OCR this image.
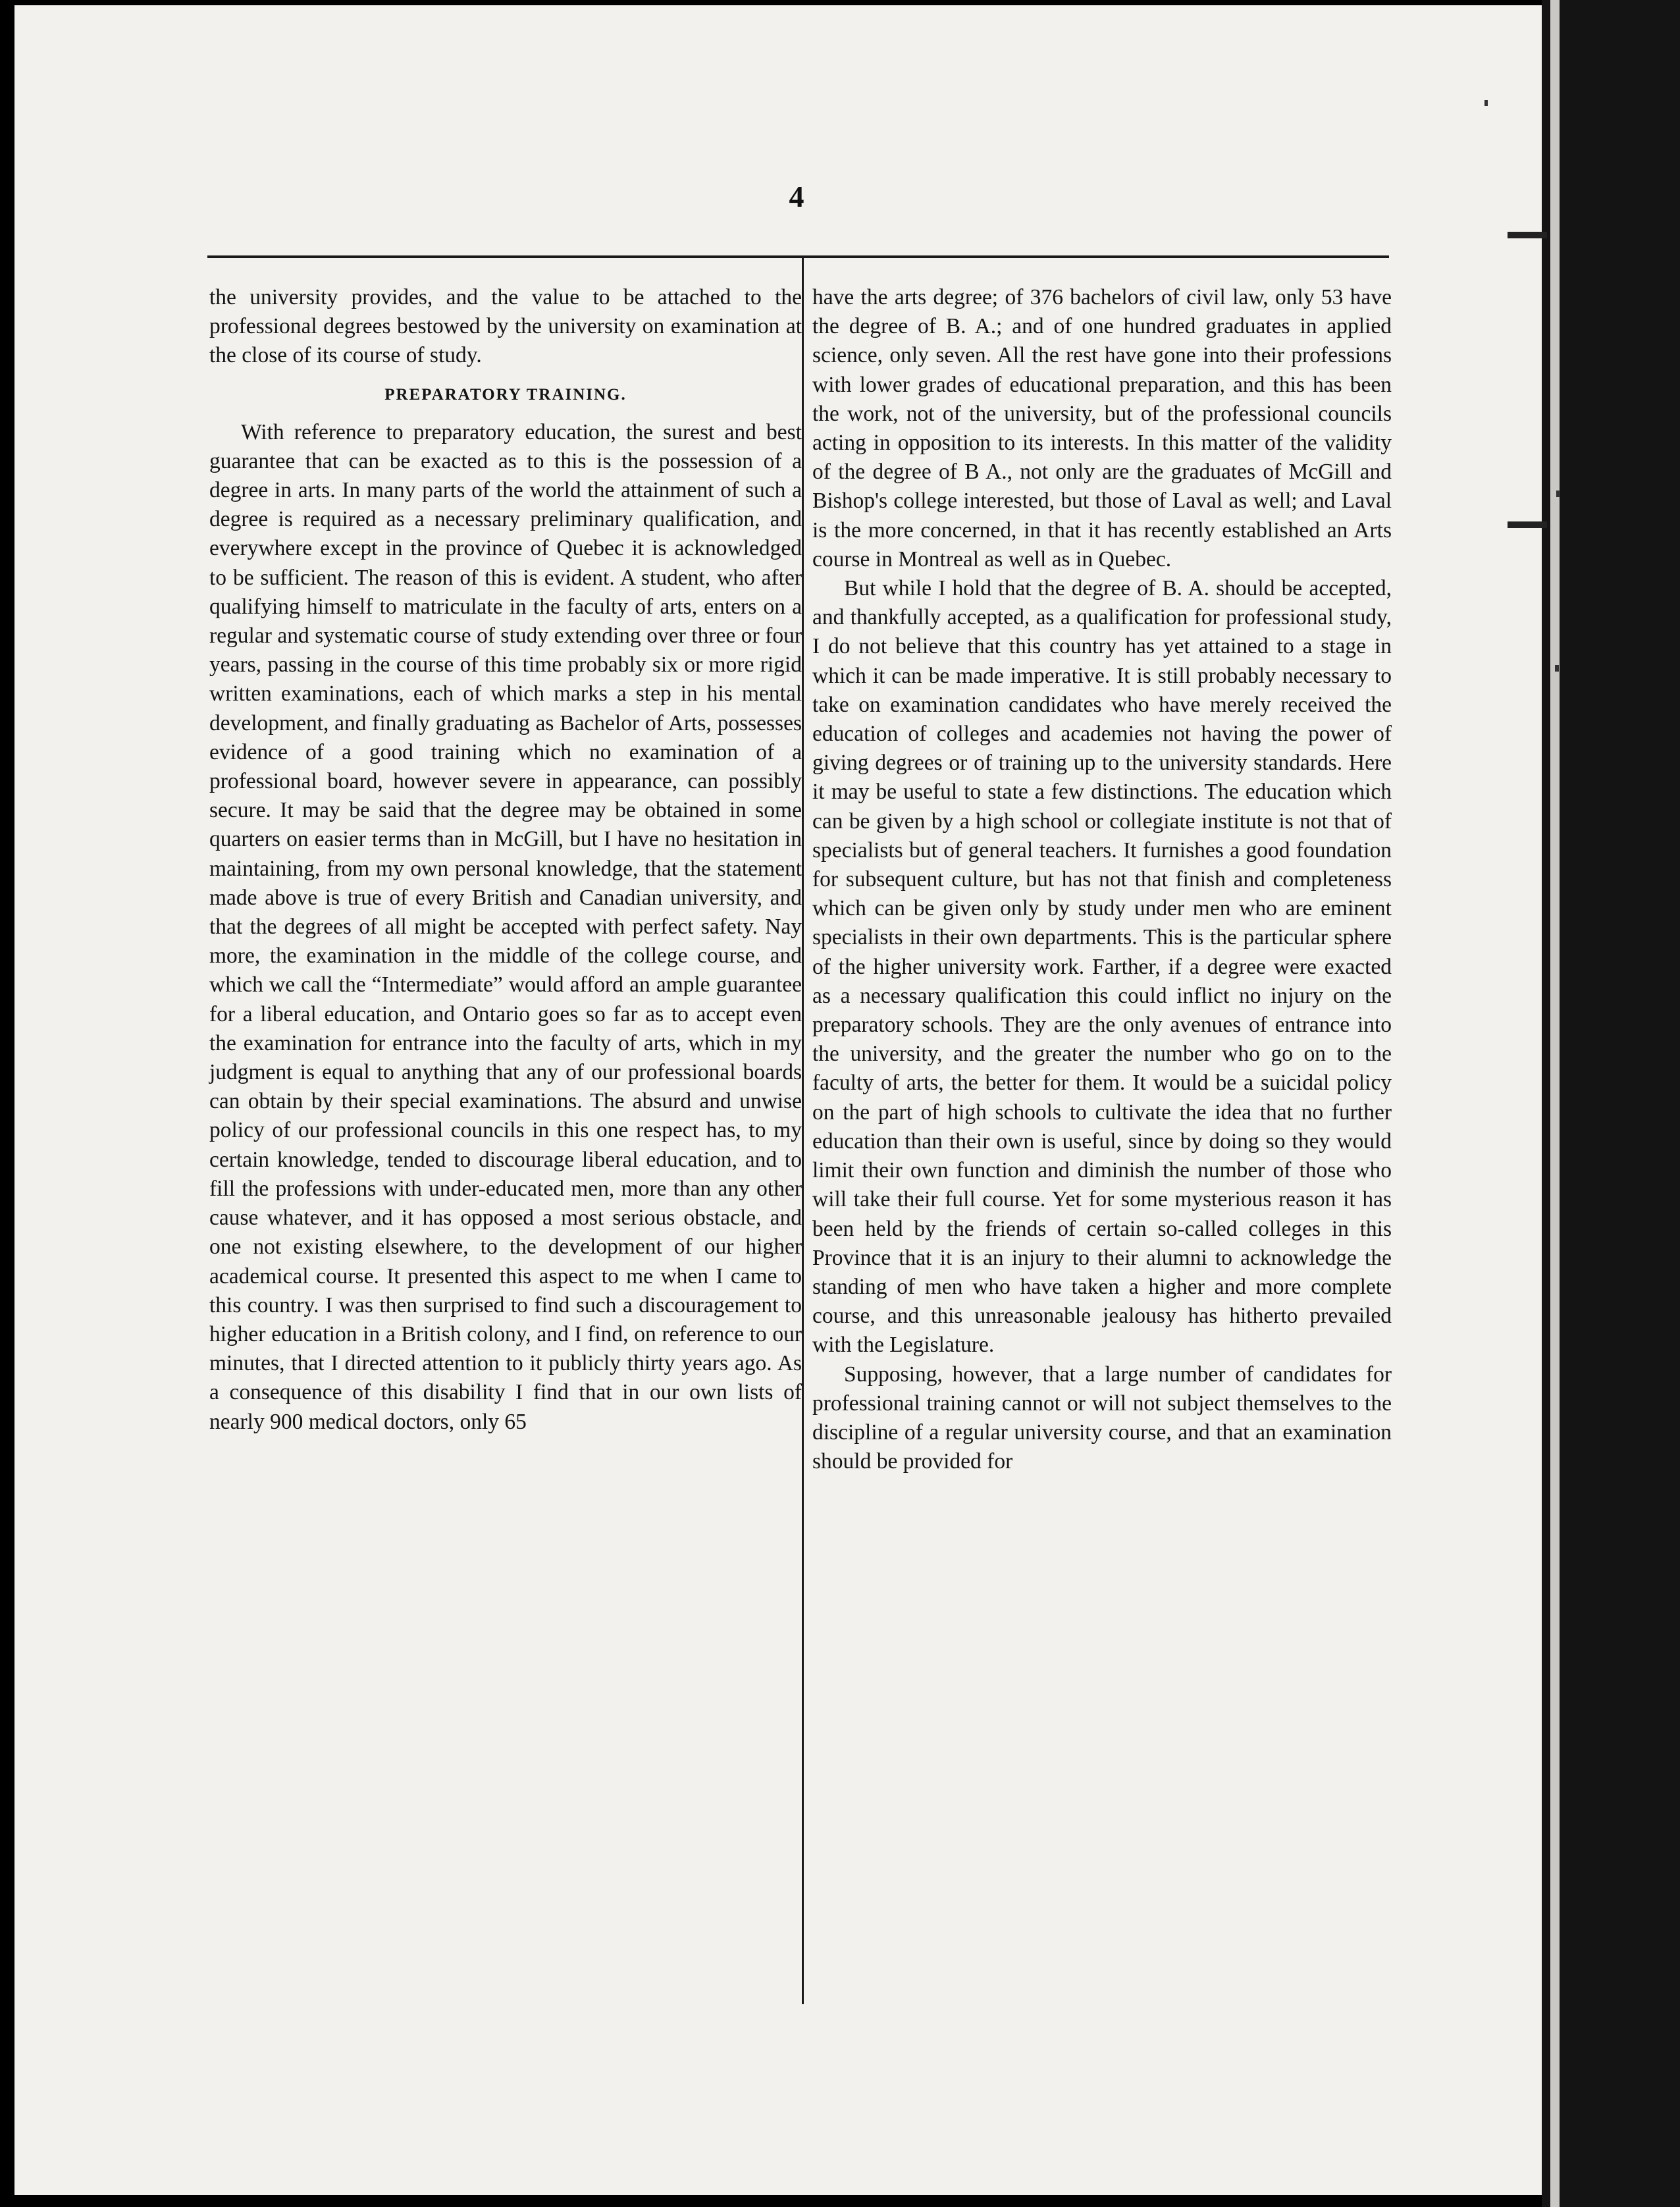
4

the university provides, and the value to be attached to the professional degrees bestowed by the university on examination at the close of its course of study.

PREPARATORY TRAINING.

With reference to preparatory education, the surest and best guarantee that can be exacted as to this is the possession of a degree in arts. In many parts of the world the attainment of such a degree is required as a necessary preliminary qualification, and everywhere except in the province of Quebec it is acknowledged to be sufficient. The reason of this is evident. A student, who after qualifying himself to matriculate in the faculty of arts, enters on a regular and systematic course of study extending over three or four years, passing in the course of this time probably six or more rigid written examinations, each of which marks a step in his mental development, and finally graduating as Bachelor of Arts, possesses evidence of a good training which no examination of a professional board, however severe in appearance, can possibly secure. It may be said that the degree may be obtained in some quarters on easier terms than in McGill, but I have no hesitation in maintaining, from my own personal knowledge, that the statement made above is true of every British and Canadian university, and that the degrees of all might be accepted with perfect safety. Nay more, the examination in the middle of the college course, and which we call the “Intermediate” would afford an ample guarantee for a liberal education, and Ontario goes so far as to accept even the examination for entrance into the faculty of arts, which in my judgment is equal to anything that any of our professional boards can obtain by their special examinations. The absurd and unwise policy of our professional councils in this one respect has, to my certain knowledge, tended to discourage liberal education, and to fill the professions with under-educated men, more than any other cause whatever, and it has opposed a most serious obstacle, and one not existing elsewhere, to the development of our higher academical course. It presented this aspect to me when I came to this country. I was then surprised to find such a discouragement to higher education in a British colony, and I find, on reference to our minutes, that I directed attention to it publicly thirty years ago. As a consequence of this disability I find that in our own lists of nearly 900 medical doctors, only 65

have the arts degree; of 376 bachelors of civil law, only 53 have the degree of B. A.; and of one hundred graduates in applied science, only seven. All the rest have gone into their professions with lower grades of educational preparation, and this has been the work, not of the university, but of the professional councils acting in opposition to its interests. In this matter of the validity of the degree of B A., not only are the graduates of McGill and Bishop's college interested, but those of Laval as well; and Laval is the more concerned, in that it has recently established an Arts course in Montreal as well as in Quebec.

But while I hold that the degree of B. A. should be accepted, and thankfully accepted, as a qualification for professional study, I do not believe that this country has yet attained to a stage in which it can be made imperative. It is still probably necessary to take on examination candidates who have merely received the education of colleges and academies not having the power of giving degrees or of training up to the university standards. Here it may be useful to state a few distinctions. The education which can be given by a high school or collegiate institute is not that of specialists but of general teachers. It furnishes a good foundation for subsequent culture, but has not that finish and completeness which can be given only by study under men who are eminent specialists in their own departments. This is the particular sphere of the higher university work. Farther, if a degree were exacted as a necessary qualification this could inflict no injury on the preparatory schools. They are the only avenues of entrance into the university, and the greater the number who go on to the faculty of arts, the better for them. It would be a suicidal policy on the part of high schools to cultivate the idea that no further education than their own is useful, since by doing so they would limit their own function and diminish the number of those who will take their full course. Yet for some mysterious reason it has been held by the friends of certain so-called colleges in this Province that it is an injury to their alumni to acknowledge the standing of men who have taken a higher and more complete course, and this unreasonable jealousy has hitherto prevailed with the Legislature.

Supposing, however, that a large number of candidates for professional training cannot or will not subject themselves to the discipline of a regular university course, and that an examination should be provided for
